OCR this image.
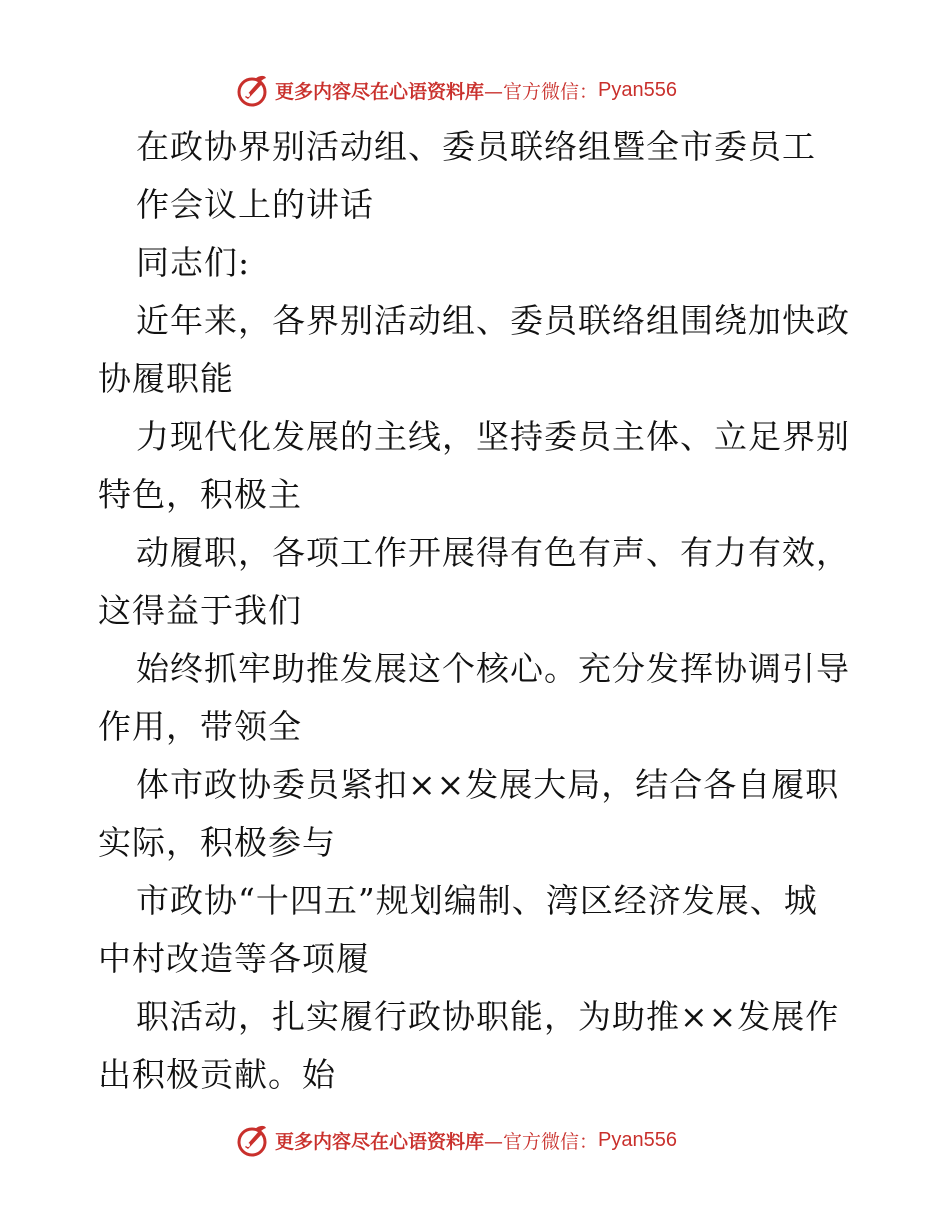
更多内容尽在心语资料库 —官方微信： Pyan556
在政协界别活动组、委员联络组暨全市委员工
作会议上的讲话
同志们:
近年来，各界别活动组、委员联络组围绕加快政
协履职能
力现代化发展的主线，坚持委员主体、立足界别
特色，积极主
动履职，各项工作开展得有色有声、有力有效，
这得益于我们
始终抓牢助推发展这个核心。充分发挥协调引导
作用，带领全
体市政协委员紧扣××发展大局，结合各自履职
实际，积极参与
市政协“十四五”规划编制、湾区经济发展、城
中村改造等各项履
职活动，扎实履行政协职能，为助推××发展作
出积极贡献。始
更多内容尽在心语资料库 —官方微信： Pyan556
